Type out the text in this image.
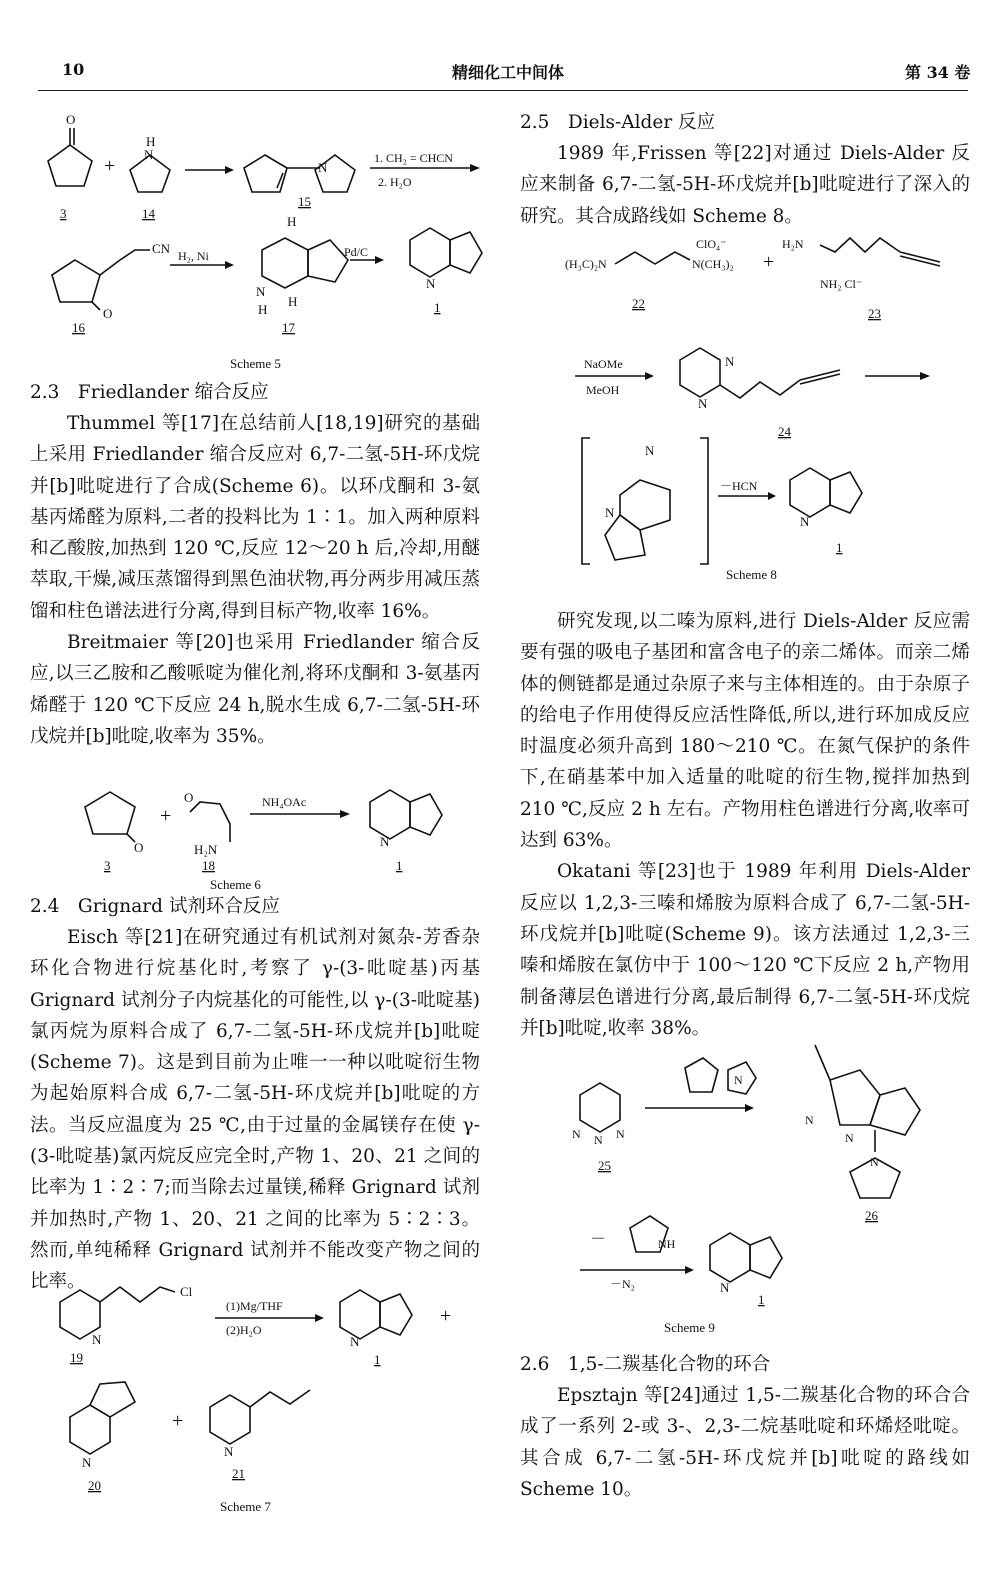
10	精细化工中间体	第 34 卷
O
+
N
H
N
1. CH₂ = CHCN
2. H₂O
3	14
15
O
CN H₂, Ni
N
H
H
H
Pd/C
N
16	17
1
Scheme 5
2.3　Friedlander 缩合反应

Thummel 等[17]在总结前人[18,19]研究的基础上采用 Friedlander 缩合反应对 6,7-二氢-5H-环戊烷并[b]吡啶进行了合成(Scheme 6)。以环戊酮和 3-氨基丙烯醛为原料,二者的投料比为 1∶1。加入两种原料和乙酸胺,加热到 120 ℃,反应 12～20 h 后,冷却,用醚萃取,干燥,减压蒸馏得到黑色油状物,再分两步用减压蒸馏和柱色谱法进行分离,得到目标产物,收率 16%。

Breitmaier 等[20]也采用 Friedlander 缩合反应,以三乙胺和乙酸哌啶为催化剂,将环戊酮和 3-氨基丙烯醛于 120 ℃下反应 24 h,脱水生成 6,7-二氢-5H-环戊烷并[b]吡啶,收率为 35%。

O
+
O
H₂N
NH₄OAc
N
3	18	1
Scheme 6
2.4　Grignard 试剂环合反应

Eisch 等[21]在研究通过有机试剂对氮杂-芳香杂环化合物进行烷基化时,考察了 γ-(3-吡啶基)丙基 Grignard 试剂分子内烷基化的可能性,以 γ-(3-吡啶基)氯丙烷为原料合成了 6,7-二氢-5H-环戊烷并[b]吡啶(Scheme 7)。这是到目前为止唯一一种以吡啶衍生物为起始原料合成 6,7-二氢-5H-环戊烷并[b]吡啶的方法。当反应温度为 25 ℃,由于过量的金属镁存在使 γ-(3-吡啶基)氯丙烷反应完全时,产物 1、20、21 之间的比率为 1∶2∶7;而当除去过量镁,稀释 Grignard 试剂并加热时,产物 1、20、21 之间的比率为 5∶2∶3。然而,单纯稀释 Grignard 试剂并不能改变产物之间的比率。

N
Cl
(1)Mg/THF
(2)H₂O
N
+
19	1
N
+
N
20
21
Scheme 7
2.5　Diels-Alder 反应

1989 年,Frissen 等[22]对通过 Diels-Alder 反应来制备 6,7-二氢-5H-环戊烷并[b]吡啶进行了深入的研究。其合成路线如 Scheme 8。

(H₃C)₂N	N(CH₃)₂
ClO₄⁻
+
H₂N
NH₂ Cl⁻
22
23
NaOMe
MeOH
N
N
24
N
N
－HCN
N
1
Scheme 8

研究发现,以二嗪为原料,进行 Diels-Alder 反应需要有强的吸电子基团和富含电子的亲二烯体。而亲二烯体的侧链都是通过杂原子来与主体相连的。由于杂原子的给电子作用使得反应活性降低,所以,进行环加成反应时温度必须升高到 180～210 ℃。在氮气保护的条件下,在硝基苯中加入适量的吡啶的衍生物,搅拌加热到 210 ℃,反应 2 h 左右。产物用柱色谱进行分离,收率可达到 63%。

Okatani 等[23]也于 1989 年利用 Diels-Alder 反应以 1,2,3-三嗪和烯胺为原料合成了 6,7-二氢-5H-环戊烷并[b]吡啶(Scheme 9)。该方法通过 1,2,3-三嗪和烯胺在氯仿中于 100～120 ℃下反应 2 h,产物用制备薄层色谱进行分离,最后制得 6,7-二氢-5H-环戊烷并[b]吡啶,收率 38%。

N N N
N
N
N
N
25
26
－	NH
－N₂	N
1
Scheme 9
2.6　1,5-二羰基化合物的环合

Epsztajn 等[24]通过 1,5-二羰基化合物的环合合成了一系列 2-或 3-、2,3-二烷基吡啶和环烯烃吡啶。其合成 6,7-二氢-5H-环戊烷并[b]吡啶的路线如 Scheme 10。
